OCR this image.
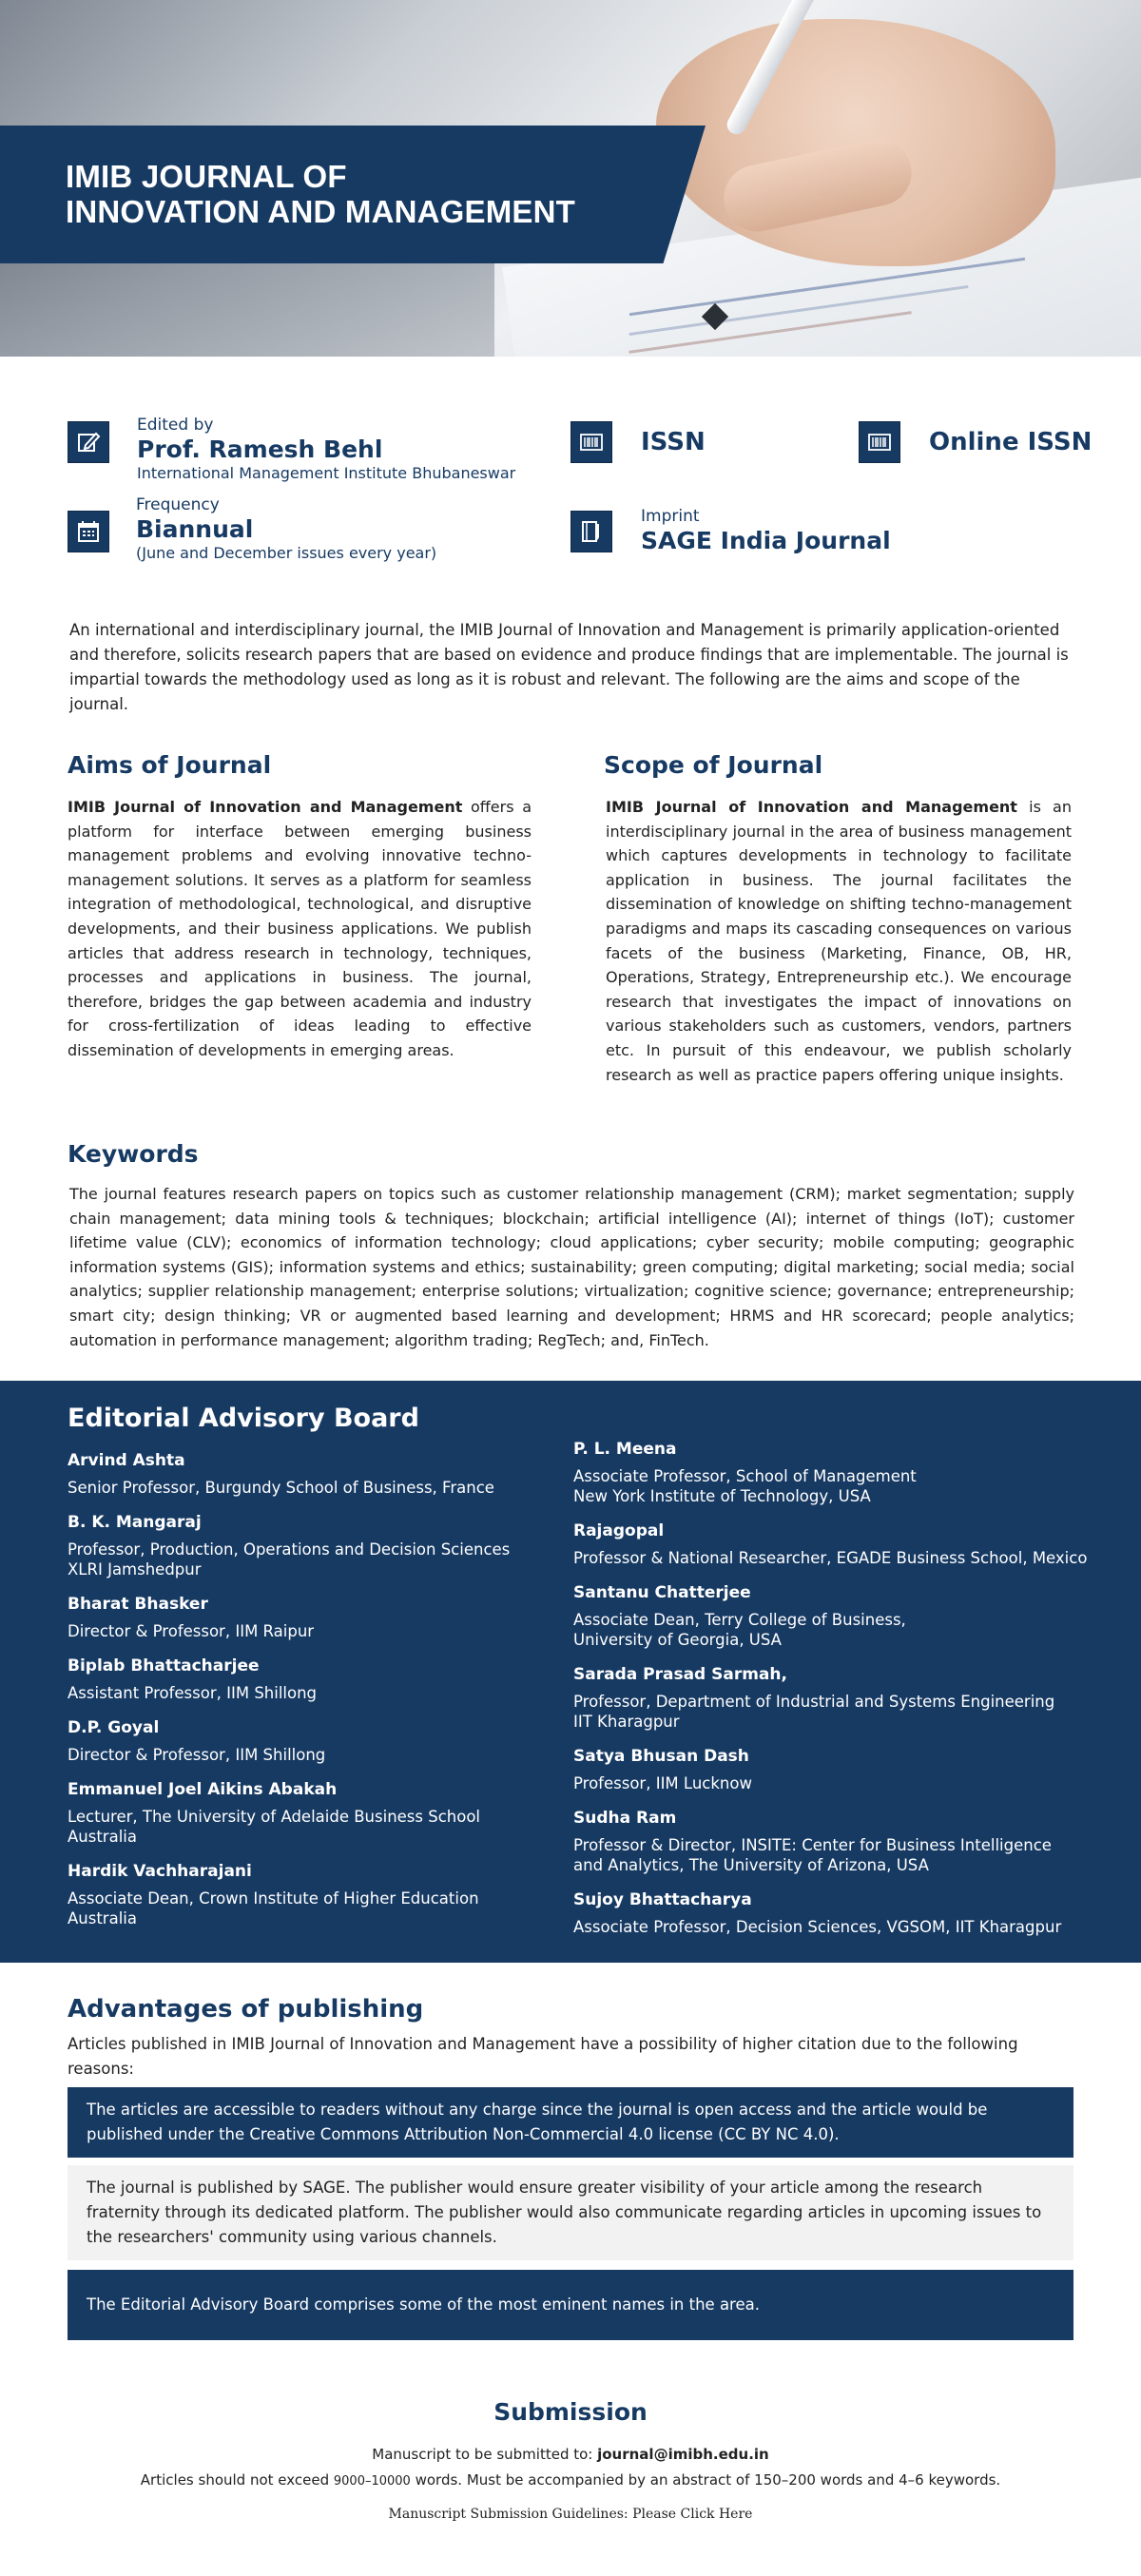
IMIB JOURNAL OF
INNOVATION AND MANAGEMENT
Edited by
Prof. Ramesh Behl
International Management Institute Bhubaneswar
ISSN	Online ISSN
Frequency
Biannual
(June and December issues every year)
Imprint
SAGE India Journal

An international and interdisciplinary journal, the IMIB Journal of Innovation and Management is primarily application-oriented and therefore, solicits research papers that are based on evidence and produce findings that are implementable. The journal is impartial towards the methodology used as long as it is robust and relevant. The following are the aims and scope of the journal.

Aims of Journal

IMIB Journal of Innovation and Management offers a platform for interface between emerging business management problems and evolving innovative techno-management solutions. It serves as a platform for seamless integration of methodological, technological, and disruptive developments, and their business applications. We publish articles that address research in technology, techniques, processes and applications in business. The journal, therefore, bridges the gap between academia and industry for cross-fertilization of ideas leading to effective dissemination of developments in emerging areas.

Scope of Journal

IMIB Journal of Innovation and Management is an interdisciplinary journal in the area of business management which captures developments in technology to facilitate application in business. The journal facilitates the dissemination of knowledge on shifting techno-management paradigms and maps its cascading consequences on various facets of the business (Marketing, Finance, OB, HR, Operations, Strategy, Entrepreneurship etc.). We encourage research that investigates the impact of innovations on various stakeholders such as customers, vendors, partners etc. In pursuit of this endeavour, we publish scholarly research as well as practice papers offering unique insights.

Keywords

The journal features research papers on topics such as customer relationship management (CRM); market segmentation; supply chain management; data mining tools & techniques; blockchain; artificial intelligence (AI); internet of things (IoT); customer lifetime value (CLV); economics of information technology; cloud applications; cyber security; mobile computing; geographic information systems (GIS); information systems and ethics; sustainability; green computing; digital marketing; social media; social analytics; supplier relationship management; enterprise solutions; virtualization; cognitive science; governance; entrepreneurship; smart city; design thinking; VR or augmented based learning and development; HRMS and HR scorecard; people analytics; automation in performance management; algorithm trading; RegTech; and, FinTech.

Editorial Advisory Board
Arvind Ashta
Senior Professor, Burgundy School of Business, France
B. K. Mangaraj
Professor, Production, Operations and Decision Sciences
XLRI Jamshedpur
Bharat Bhasker
Director & Professor, IIM Raipur
Biplab Bhattacharjee
Assistant Professor, IIM Shillong
D.P. Goyal
Director & Professor, IIM Shillong
Emmanuel Joel Aikins Abakah
Lecturer, The University of Adelaide Business School
Australia
Hardik Vachharajani
Associate Dean, Crown Institute of Higher Education
Australia
P. L. Meena
Associate Professor, School of Management
New York Institute of Technology, USA
Rajagopal
Professor & National Researcher, EGADE Business School, Mexico
Santanu Chatterjee
Associate Dean, Terry College of Business,
University of Georgia, USA
Sarada Prasad Sarmah,
Professor, Department of Industrial and Systems Engineering
IIT Kharagpur
Satya Bhusan Dash
Professor, IIM Lucknow
Sudha Ram
Professor & Director, INSITE: Center for Business Intelligence
and Analytics, The University of Arizona, USA
Sujoy Bhattacharya
Associate Professor, Decision Sciences, VGSOM, IIT Kharagpur
Advantages of publishing

Articles published in IMIB Journal of Innovation and Management have a possibility of higher citation due to the following reasons:

The articles are accessible to readers without any charge since the journal is open access and the article would be published under the Creative Commons Attribution Non-Commercial 4.0 license (CC BY NC 4.0).
The journal is published by SAGE. The publisher would ensure greater visibility of your article among the research fraternity through its dedicated platform. The publisher would also communicate regarding articles in upcoming issues to the researchers' community using various channels.
The Editorial Advisory Board comprises some of the most eminent names in the area.
Submission

Manuscript to be submitted to: journal@imibh.edu.in

Articles should not exceed 9000–10000 words. Must be accompanied by an abstract of 150–200 words and 4–6 keywords.

Manuscript Submission Guidelines: Please Click Here
